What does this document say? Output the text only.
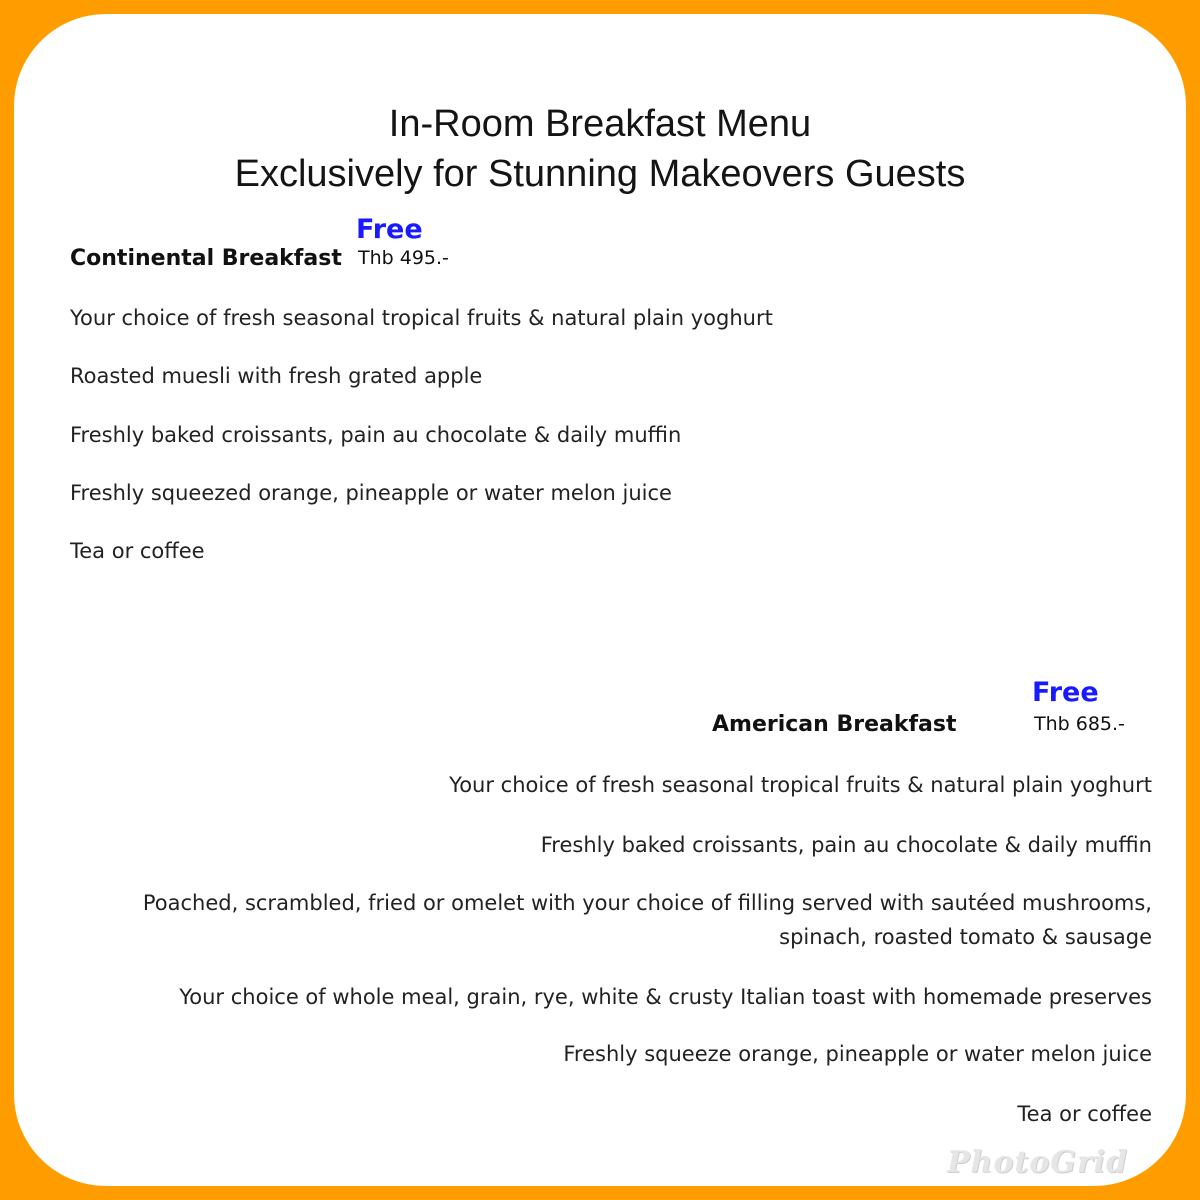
In-Room Breakfast Menu
Exclusively for Stunning Makeovers Guests
Free
Continental Breakfast Thb 495.-
Your choice of fresh seasonal tropical fruits & natural plain yoghurt
Roasted muesli with fresh grated apple
Freshly baked croissants, pain au chocolate & daily muffin
Freshly squeezed orange, pineapple or water melon juice
Tea or coffee
Free
American Breakfast	Thb 685.-
Your choice of fresh seasonal tropical fruits & natural plain yoghurt
Freshly baked croissants, pain au chocolate & daily muffin
Poached, scrambled, fried or omelet with your choice of filling served with sautéed mushrooms, spinach, roasted tomato & sausage
Your choice of whole meal, grain, rye, white & crusty Italian toast with homemade preserves
Freshly squeeze orange, pineapple or water melon juice
Tea or coffee
PhotoGrid
